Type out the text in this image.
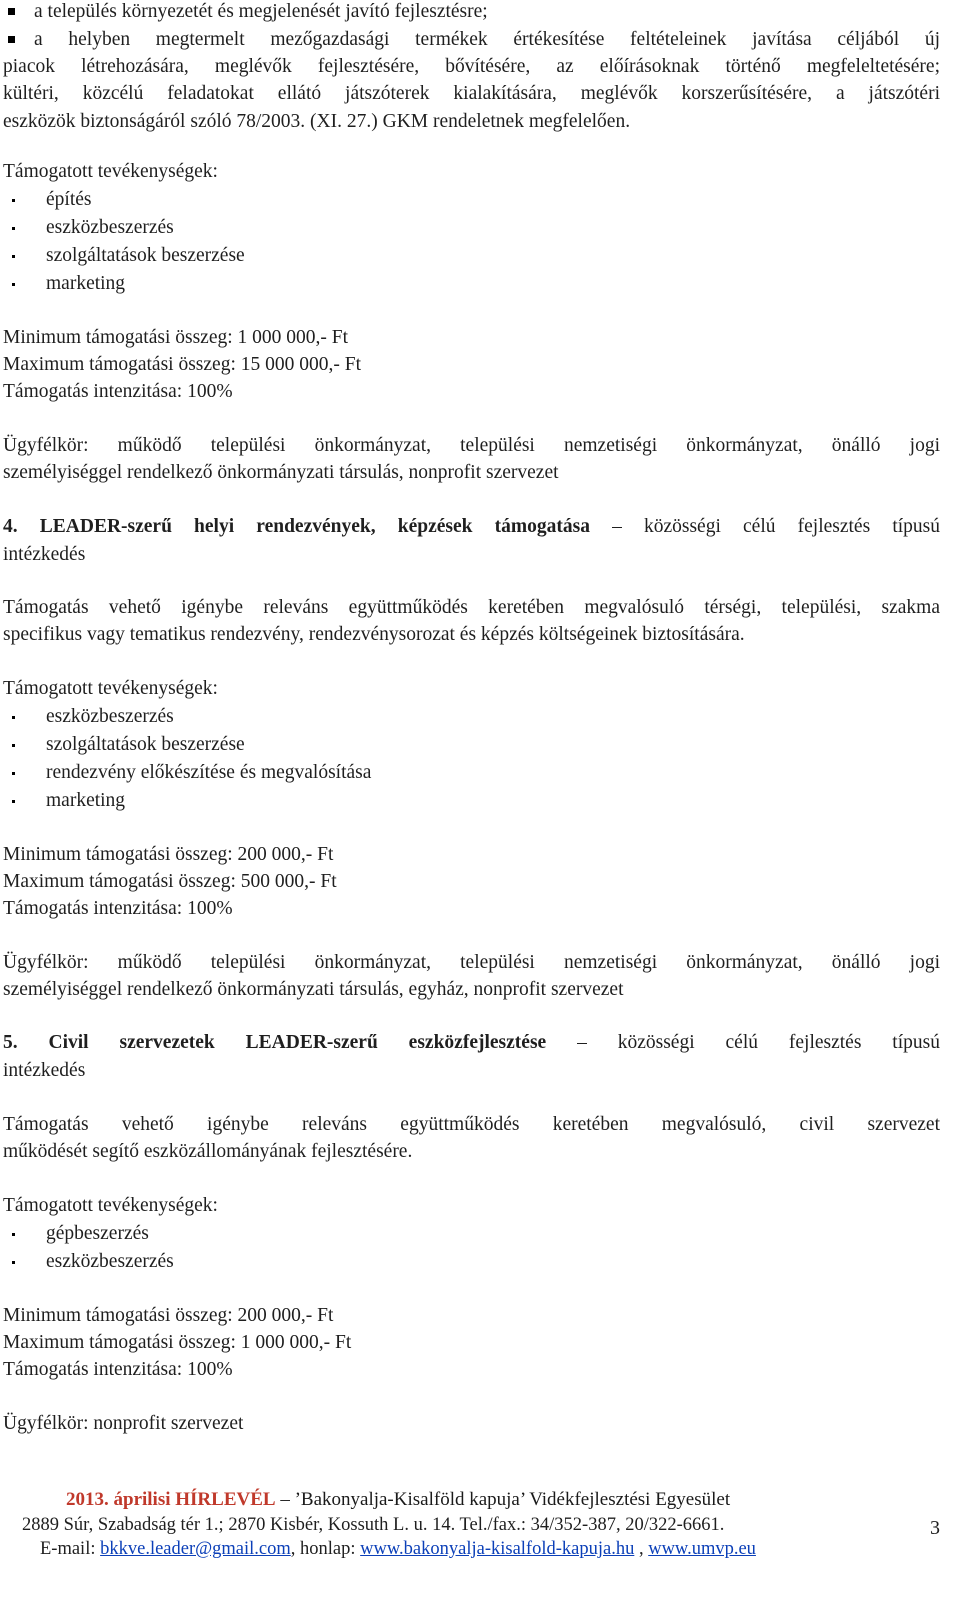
a település környezetét és megjelenését javító fejlesztésre;
a helyben megtermelt mezőgazdasági termékek értékesítése feltételeinek javítása céljából új
piacok létrehozására, meglévők fejlesztésére, bővítésére, az előírásoknak történő megfeleltetésére;
kültéri, közcélú feladatokat ellátó játszóterek kialakítására, meglévők korszerűsítésére, a játszótéri
eszközök biztonságáról szóló 78/2003. (XI. 27.) GKM rendeletnek megfelelően.
Támogatott tevékenységek:
építés
eszközbeszerzés
szolgáltatások beszerzése
marketing
Minimum támogatási összeg: 1 000 000,- Ft
Maximum támogatási összeg: 15 000 000,- Ft
Támogatás intenzitása: 100%
Ügyfélkör: működő települési önkormányzat, települési nemzetiségi önkormányzat, önálló jogi
személyiséggel rendelkező önkormányzati társulás, nonprofit szervezet
4. LEADER-szerű helyi rendezvények, képzések támogatása – közösségi célú fejlesztés típusú
intézkedés
Támogatás vehető igénybe releváns együttműködés keretében megvalósuló térségi, települési, szakma
specifikus vagy tematikus rendezvény, rendezvénysorozat és képzés költségeinek biztosítására.
Támogatott tevékenységek:
eszközbeszerzés
szolgáltatások beszerzése
rendezvény előkészítése és megvalósítása
marketing
Minimum támogatási összeg: 200 000,- Ft
Maximum támogatási összeg: 500 000,- Ft
Támogatás intenzitása: 100%
Ügyfélkör: működő települési önkormányzat, települési nemzetiségi önkormányzat, önálló jogi
személyiséggel rendelkező önkormányzati társulás, egyház, nonprofit szervezet
5. Civil szervezetek LEADER-szerű eszközfejlesztése – közösségi célú fejlesztés típusú
intézkedés
Támogatás vehető igénybe releváns együttműködés keretében megvalósuló, civil szervezet
működését segítő eszközállományának fejlesztésére.
Támogatott tevékenységek:
gépbeszerzés
eszközbeszerzés
Minimum támogatási összeg: 200 000,- Ft
Maximum támogatási összeg: 1 000 000,- Ft
Támogatás intenzitása: 100%
Ügyfélkör: nonprofit szervezet
2013. áprilisi HÍRLEVÉL – ’Bakonyalja-Kisalföld kapuja’ Vidékfejlesztési Egyesület
3
2889 Súr, Szabadság tér 1.; 2870 Kisbér, Kossuth L. u. 14. Tel./fax.: 34/352-387, 20/322-6661.
E-mail: bkkve.leader@gmail.com, honlap: www.bakonyalja-kisalfold-kapuja.hu , www.umvp.eu
